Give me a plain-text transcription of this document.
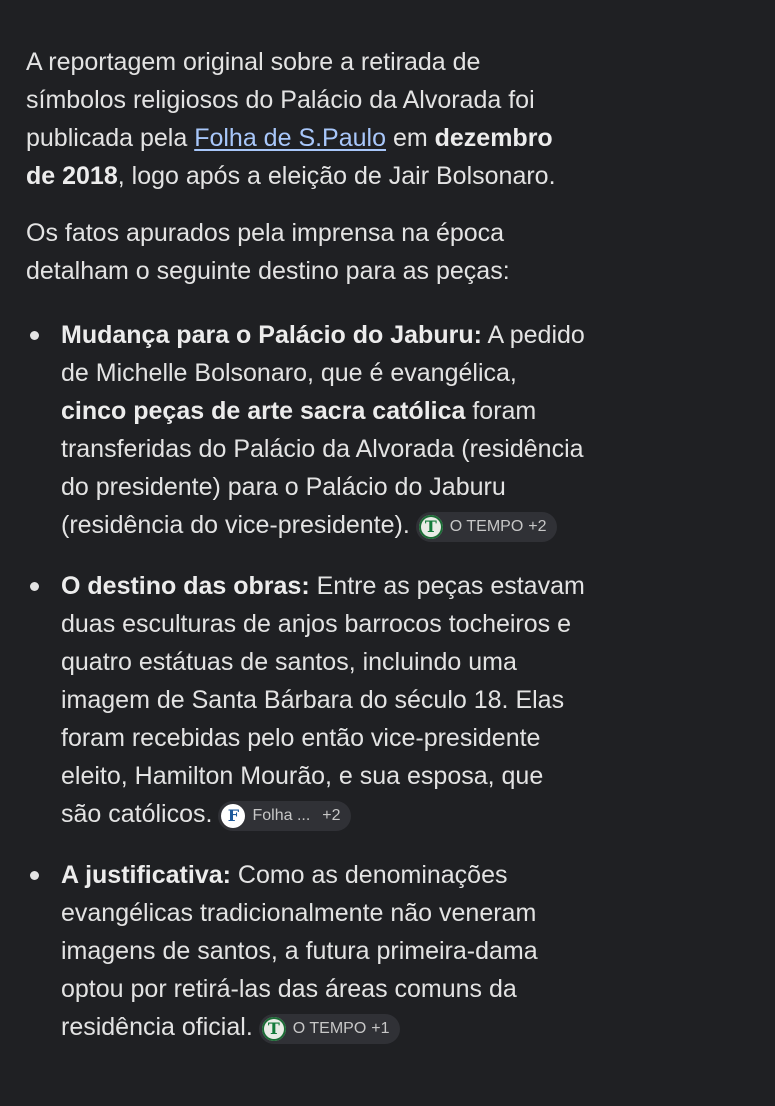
A reportagem original sobre a retirada de símbolos religiosos do Palácio da Alvorada foi publicada pela Folha de S.Paulo em dezembro de 2018, logo após a eleição de Jair Bolsonaro.

Os fatos apurados pela imprensa na época detalham o seguinte destino para as peças:

Mudança para o Palácio do Jaburu: A pedido de Michelle Bolsonaro, que é evangélica, cinco peças de arte sacra católica foram transferidas do Palácio da Alvorada (residência do presidente) para o Palácio do Jaburu (residência do vice-presidente). T O TEMPO +2
O destino das obras: Entre as peças estavam duas esculturas de anjos barrocos tocheiros e quatro estátuas de santos, incluindo uma imagem de Santa Bárbara do século 18. Elas foram recebidas pelo então vice-presidente eleito, Hamilton Mourão, e sua esposa, que são católicos. F Folha ... +2
A justificativa: Como as denominações evangélicas tradicionalmente não veneram imagens de santos, a futura primeira-dama optou por retirá-las das áreas comuns da residência oficial. T O TEMPO +1
